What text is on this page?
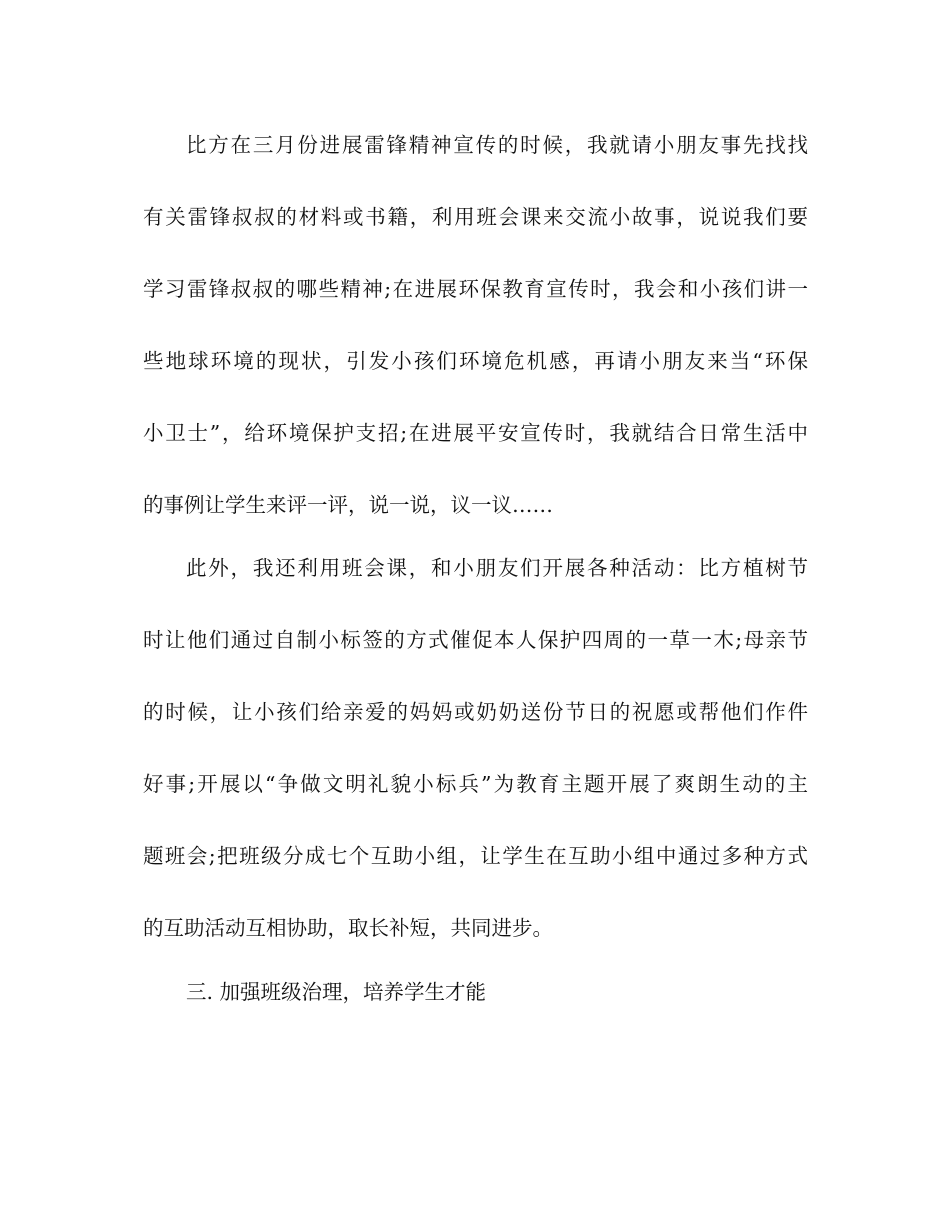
比方在三月份进展雷锋精神宣传的时候，我就请小朋友事先找找
有关雷锋叔叔的材料或书籍，利用班会课来交流小故事，说说我们要
学习雷锋叔叔的哪些精神;在进展环保教育宣传时，我会和小孩们讲一
些地球环境的现状，引发小孩们环境危机感，再请小朋友来当“环保
小卫士”，给环境保护支招;在进展平安宣传时，我就结合日常生活中
的事例让学生来评一评，说一说，议一议……
此外，我还利用班会课，和小朋友们开展各种活动：比方植树节
时让他们通过自制小标签的方式催促本人保护四周的一草一木;母亲节
的时候，让小孩们给亲爱的妈妈或奶奶送份节日的祝愿或帮他们作件
好事;开展以“争做文明礼貌小标兵”为教育主题开展了爽朗生动的主
题班会;把班级分成七个互助小组，让学生在互助小组中通过多种方式
的互助活动互相协助，取长补短，共同进步。
三. 加强班级治理，培养学生才能
